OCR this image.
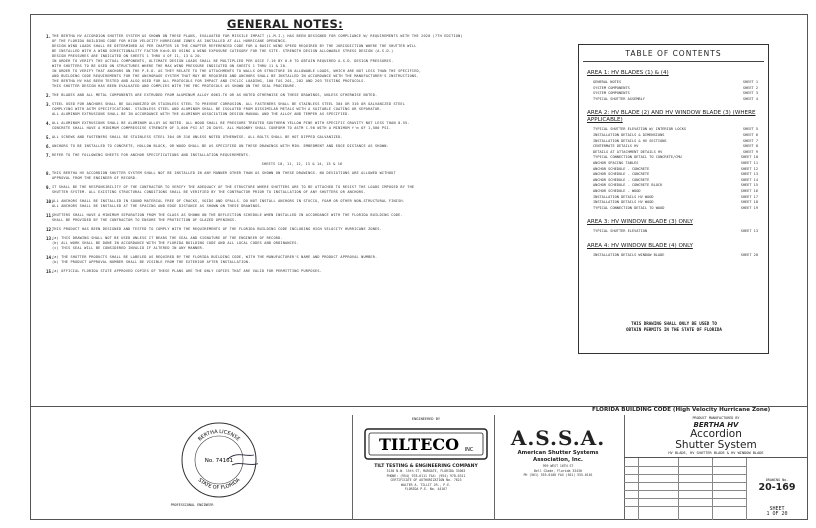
GENERAL NOTES:
1. THE BERTHA HV ACCORDION SHUTTER SYSTEM AS SHOWN ON THESE PLANS, EVALUATED FOR MISSILE IMPACT (L.M.I.) HAS BEEN DESIGNED FOR COMPLIANCE W/ REQUIREMENTS WITH THE 2020 (7TH EDITION)
OF THE FLORIDA BUILDING CODE FOR HIGH VELOCITY HURRICANE ZONES AS INSTALLED AT ALL HURRICANE OPENINGS.
DESIGN WIND LOADS SHALL BE DETERMINED AS PER CHAPTER 16 THE CHAPTER REFERENCED CODE FOR A BASIC WIND SPEED REQUIRED BY THE JURISDICTION WHERE THE SHUTTER WILL
BE INSTALLED WITH A WIND DIRECTIONALITY FACTOR Kd=0.85 USING A WIND EXPOSURE CATEGORY FOR THE SITE. STRENGTH DESIGN ALLOWABLE STRESS DESIGN (A.S.D.)
DESIGN PRESSURES ARE INDICATED ON SHEETS 1 THRU 4 OF 11, 13 & 20.
IN ORDER TO VERIFY THE ACTUAL COMPONENTS, ULTIMATE DESIGN LOADS SHALL BE MULTIPLIED PER ASCE 7-16 BY 0.6 TO OBTAIN REQUIRED A.S.D. DESIGN PRESSURES.
WITH SHUTTERS TO BE USED ON STRUCTURES WHERE THE MAX WIND PRESSURE INDICATED ON SHEETS 1 THRU 11 & 20.
IN ORDER TO VERIFY THAT ANCHORS ON THE P.E.D. AS THEY RELATE TO THE ATTACHMENTS TO WALLS OR STRUCTURE IN ALLOWABLE LOADS, WHICH ARE NOT LESS THAN THE SPECIFIED,
AND BUILDING CODE REQUIREMENTS FOR THE ANCHORAGE SYSTEM THAT MAY BE REQUIRED AND ANCHORS SHALL BE INSTALLED IN ACCORDANCE WITH THE MANUFACTURER'S INSTRUCTIONS.
THE BERTHA HV HAS BEEN TESTED AND ALSO USED FOR ALL PROTOCOLS FOR IMPACT AND CYCLIC LOADING, 100 TAS 201, 202 AND 203 TESTING PROTOCOLS.
THIS SHUTTER DESIGN HAS BEEN EVALUATED AND COMPLIES WITH THE FBC PROTOCOLS AS SHOWN ON THE SEAL PROCEDURE.
2. THE BLADES AND ALL METAL COMPONENTS ARE EXTRUDED FROM ALUMINUM ALLOY 6063-T6 OR AS NOTED OTHERWISE ON THESE DRAWINGS, UNLESS OTHERWISE NOTED.
3. STEEL USED FOR ANCHORS SHALL BE GALVANIZED OR STAINLESS STEEL TO PREVENT CORROSION. ALL FASTENERS SHALL BE STAINLESS STEEL 304 OR 316 OR GALVANIZED STEEL
COMPLYING WITH ASTM SPECIFICATIONS. STAINLESS STEEL AND ALUMINUM SHALL BE ISOLATED FROM DISSIMILAR METALS WITH A SUITABLE COATING OR SEPARATOR.
ALL ALUMINUM EXTRUSIONS SHALL BE IN ACCORDANCE WITH THE ALUMINUM ASSOCIATION DESIGN MANUAL AND THE ALLOY AND TEMPER AS SPECIFIED.
4. ALL ALUMINUM EXTRUSIONS SHALL BE ALUMINUM ALLOY AS NOTED. ALL WOOD SHALL BE PRESSURE TREATED SOUTHERN YELLOW PINE WITH SPECIFIC GRAVITY NOT LESS THAN 0.55.
CONCRETE SHALL HAVE A MINIMUM COMPRESSIVE STRENGTH OF 3,000 PSI AT 28 DAYS. ALL MASONRY SHALL CONFORM TO ASTM C-90 WITH A MINIMUM f'm OF 1,500 PSI.
5. ALL SCREWS AND FASTENERS SHALL BE STAINLESS STEEL 304 OR 316 UNLESS NOTED OTHERWISE. ALL BOLTS SHALL BE HOT DIPPED GALVANIZED.
6. ANCHORS TO BE INSTALLED TO CONCRETE, HOLLOW BLOCK, OR WOOD SHALL BE AS SPECIFIED ON THESE DRAWINGS WITH MIN. EMBEDMENT AND EDGE DISTANCE AS SHOWN.
7. REFER TO THE FOLLOWING SHEETS FOR ANCHOR SPECIFICATIONS AND INSTALLATION REQUIREMENTS.
SHEETS 10, 11, 12, 13 & 14, 15 & 16
8. THIS BERTHA HV ACCORDION SHUTTER SYSTEM SHALL NOT BE INSTALLED IN ANY MANNER OTHER THAN AS SHOWN ON THESE DRAWINGS. NO DEVIATIONS ARE ALLOWED WITHOUT
APPROVAL FROM THE ENGINEER OF RECORD.
9. IT SHALL BE THE RESPONSIBILITY OF THE CONTRACTOR TO VERIFY THE ADEQUACY OF THE STRUCTURE WHERE SHUTTERS ARE TO BE ATTACHED TO RESIST THE LOADS IMPOSED BY THE
SHUTTER SYSTEM. ALL EXISTING STRUCTURAL CONDITIONS SHALL BE VERIFIED BY THE CONTRACTOR PRIOR TO INSTALLATION OF ANY SHUTTERS OR ANCHORS.
10.
ALL ANCHORS SHALL BE INSTALLED IN SOUND MATERIAL FREE OF CRACKS, VOIDS AND SPALLS. DO NOT INSTALL ANCHORS IN STUCCO, FOAM OR OTHER NON-STRUCTURAL FINISH.
ALL ANCHORS SHALL BE INSTALLED AT THE SPACING AND EDGE DISTANCE AS SHOWN ON THESE DRAWINGS.
11.
SHUTTERS SHALL HAVE A MINIMUM SEPARATION FROM THE GLASS AS SHOWN ON THE DEFLECTION SCHEDULE WHEN INSTALLED IN ACCORDANCE WITH THE FLORIDA BUILDING CODE.
SHALL BE PROVIDED BY THE CONTRACTOR TO ENSURE THE PROTECTION OF GLAZED OPENINGS.
12.
THIS PRODUCT HAS BEEN DESIGNED AND TESTED TO COMPLY WITH THE REQUIREMENTS OF THE FLORIDA BUILDING CODE INCLUDING HIGH VELOCITY HURRICANE ZONES.
13.
(a) THIS DRAWING SHALL NOT BE USED UNLESS IT BEARS THE SEAL AND SIGNATURE OF THE ENGINEER OF RECORD.
(b) ALL WORK SHALL BE DONE IN ACCORDANCE WITH THE FLORIDA BUILDING CODE AND ALL LOCAL CODES AND ORDINANCES.
(c) THIS SEAL WILL BE CONSIDERED INVALID IF ALTERED IN ANY MANNER.
14.
(a) THE SHUTTER PRODUCTS SHALL BE LABELED AS REQUIRED BY THE FLORIDA BUILDING CODE, WITH THE MANUFACTURER'S NAME AND PRODUCT APPROVAL NUMBER.
(b) THE PRODUCT APPROVAL NUMBER SHALL BE VISIBLE FROM THE EXTERIOR AFTER INSTALLATION.
15.
(a) OFFICIAL FLORIDA STATE APPROVED COPIES OF THESE PLANS ARE THE ONLY COPIES THAT ARE VALID FOR PERMITTING PURPOSES.
TABLE OF CONTENTS
AREA 1: HV BLADES (1) & (4)
GENERAL NOTES	SHEET 1
SYSTEM COMPONENTS	SHEET 2
SYSTEM COMPONENTS	SHEET 3
TYPICAL SHUTTER ASSEMBLY	SHEET 4
AREA 2: HV BLADE (2) AND HV WINDOW BLADE (3) (WHERE APPLICABLE)
TYPICAL SHUTTER ELEVATION W/ INTERIOR LOCKS	SHEET 5
INSTALLATION DETAILS & DIMENSIONS	SHEET 6
INSTALLATION DETAILS & HV SECTIONS	SHEET 7
CENTERMATE DETAILS HV	SHEET 8
DETAILS AT ATTACHMENT DETAILS HV	SHEET 9
TYPICAL CONNECTION DETAIL TO CONCRETE/CMU	SHEET 10
ANCHOR SPACING TABLES	SHEET 11
ANCHOR SCHEDULE - CONCRETE	SHEET 12
ANCHOR SCHEDULE - CONCRETE	SHEET 13
ANCHOR SCHEDULE - CONCRETE	SHEET 14
ANCHOR SCHEDULE - CONCRETE BLOCK	SHEET 15
ANCHOR SCHEDULE - WOOD	SHEET 16
INSTALLATION DETAILS HV WOOD	SHEET 17
INSTALLATION DETAILS HV WOOD	SHEET 18
TYPICAL CONNECTION DETAIL TO WOOD	SHEET 19
AREA 3: HV WINDOW BLADE (3) ONLY
TYPICAL SHUTTER ELEVATION	SHEET 13
AREA 4: HV WINDOW BLADE (4) ONLY
INSTALLATION DETAILS WINDOW BLADE	SHEET 20
THIS DRAWING SHALL ONLY BE USED TO
OBTAIN PERMITS IN THE STATE OF FLORIDA
FLORIDA BUILDING CODE (High Velocity Hurricane Zone)
BERTHA LICENSE
STATE OF FLORIDA
No. 74161
PROFESSIONAL ENGINEER
ENGINEERED BY
TILTECO INC
TILT TESTING & ENGINEERING COMPANY
5130 N.W. 15th ST, MARGATE, FLORIDA 33063
PHONE: (954) 978-6111 FAX: (954) 978-6311
CERTIFICATE OF AUTHORIZATION No. 7623
WALTER A. TILLIT JR., P.E.
FLORIDA P.E. No. 44167
A.S.S.A.
American Shutter Systems
Association, Inc.
999 WEST 16TH ST
Bell Glade, Florida 33430
PH (561) 555-0100 FAX (561) 555-0101
PRODUCT MANUFACTURED BY
BERTHA HV
Accordion
Shutter System
HV BLADE, HV SHUTTER BLADE & HV WINDOW BLADE
DRAWING No.
20-169
SHEET
1 OF 20
